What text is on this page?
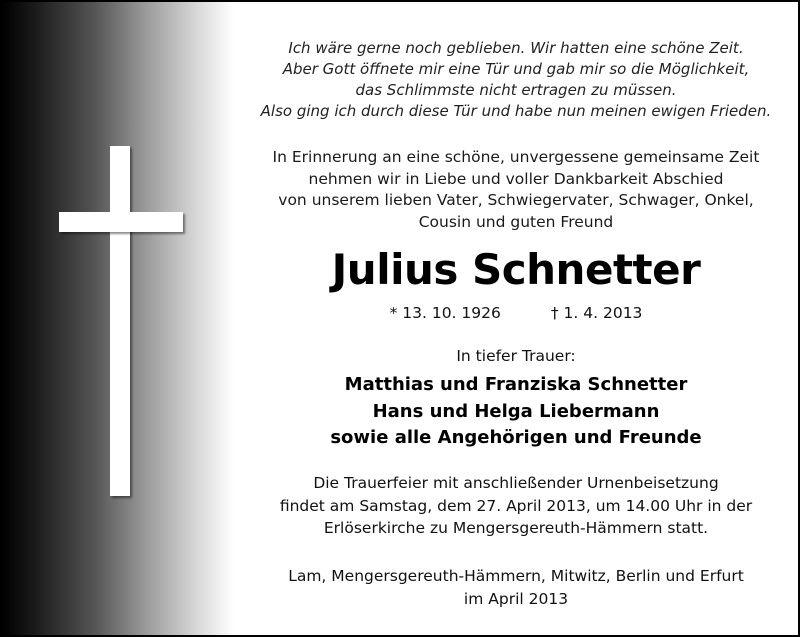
Ich wäre gerne noch geblieben. Wir hatten eine schöne Zeit.
Aber Gott öffnete mir eine Tür und gab mir so die Möglichkeit,
das Schlimmste nicht ertragen zu müssen.
Also ging ich durch diese Tür und habe nun meinen ewigen Frieden.
In Erinnerung an eine schöne, unvergessene gemeinsame Zeit
nehmen wir in Liebe und voller Dankbarkeit Abschied
von unserem lieben Vater, Schwiegervater, Schwager, Onkel,
Cousin und guten Freund
Julius Schnetter
* 13. 10. 1926	† 1. 4. 2013
In tiefer Trauer:
Matthias und Franziska Schnetter
Hans und Helga Liebermann
sowie alle Angehörigen und Freunde
Die Trauerfeier mit anschließender Urnenbeisetzung
findet am Samstag, dem 27. April 2013, um 14.00 Uhr in der
Erlöserkirche zu Mengersgereuth-Hämmern statt.
Lam, Mengersgereuth-Hämmern, Mitwitz, Berlin und Erfurt
im April 2013
